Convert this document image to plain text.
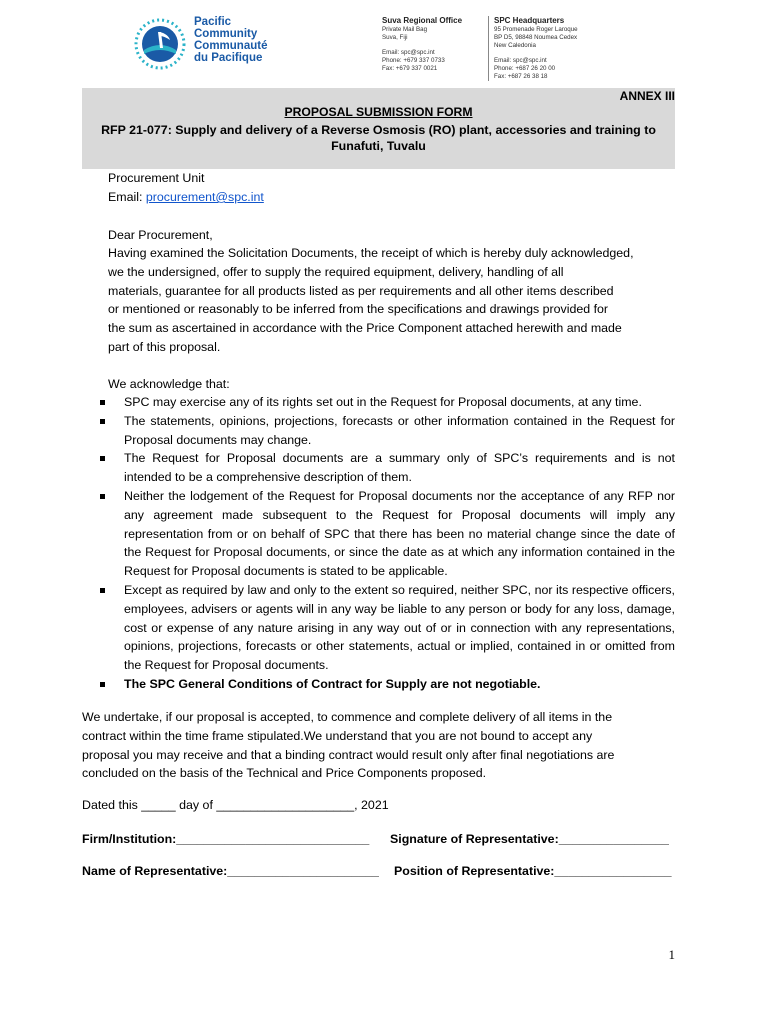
Pacific
Community
Communauté
du Pacifique
Suva Regional Office
Private Mail Bag
Suva, Fiji
Email: spc@spc.int
Phone: +679 337 0733
Fax: +679 337 0021
SPC Headquarters
95 Promenade Roger Laroque
BP D5, 98848 Noumea Cedex
New Caledonia
Email: spc@spc.int
Phone: +687 26 20 00
Fax: +687 26 38 18
ANNEX III
PROPOSAL SUBMISSION FORM
RFP 21-077: Supply and delivery of a Reverse Osmosis (RO) plant, accessories and training to
Funafuti, Tuvalu
Procurement Unit
Email: procurement@spc.int
Dear Procurement,
Having examined the Solicitation Documents, the receipt of which is hereby duly acknowledged,
we the undersigned, offer to supply the required equipment, delivery, handling of all
materials, guarantee for all products listed as per requirements and all other items described
or mentioned or reasonably to be inferred from the specifications and drawings provided for
the sum as ascertained in accordance with the Price Component attached herewith and made
part of this proposal.
We acknowledge that:
SPC may exercise any of its rights set out in the Request for Proposal documents, at any time.
The statements, opinions, projections, forecasts or other information contained in the Request for Proposal documents may change.
The Request for Proposal documents are a summary only of SPC’s requirements and is not intended to be a comprehensive description of them.
Neither the lodgement of the Request for Proposal documents nor the acceptance of any RFP nor any agreement made subsequent to the Request for Proposal documents will imply any representation from or on behalf of SPC that there has been no material change since the date of the Request for Proposal documents, or since the date as at which any information contained in the Request for Proposal documents is stated to be applicable.
Except as required by law and only to the extent so required, neither SPC, nor its respective officers, employees, advisers or agents will in any way be liable to any person or body for any loss, damage, cost or expense of any nature arising in any way out of or in connection with any representations, opinions, projections, forecasts or other statements, actual or implied, contained in or omitted from the Request for Proposal documents.
The SPC General Conditions of Contract for Supply are not negotiable.
We undertake, if our proposal is accepted, to commence and complete delivery of all items in the
contract within the time frame stipulated.We understand that you are not bound to accept any
proposal you may receive and that a binding contract would result only after final negotiations are
concluded on the basis of the Technical and Price Components proposed.
Dated this _____ day of ____________________, 2021
Firm/Institution:____________________________ Signature of Representative:________________
Name of Representative:______________________ Position of Representative:_________________
1
